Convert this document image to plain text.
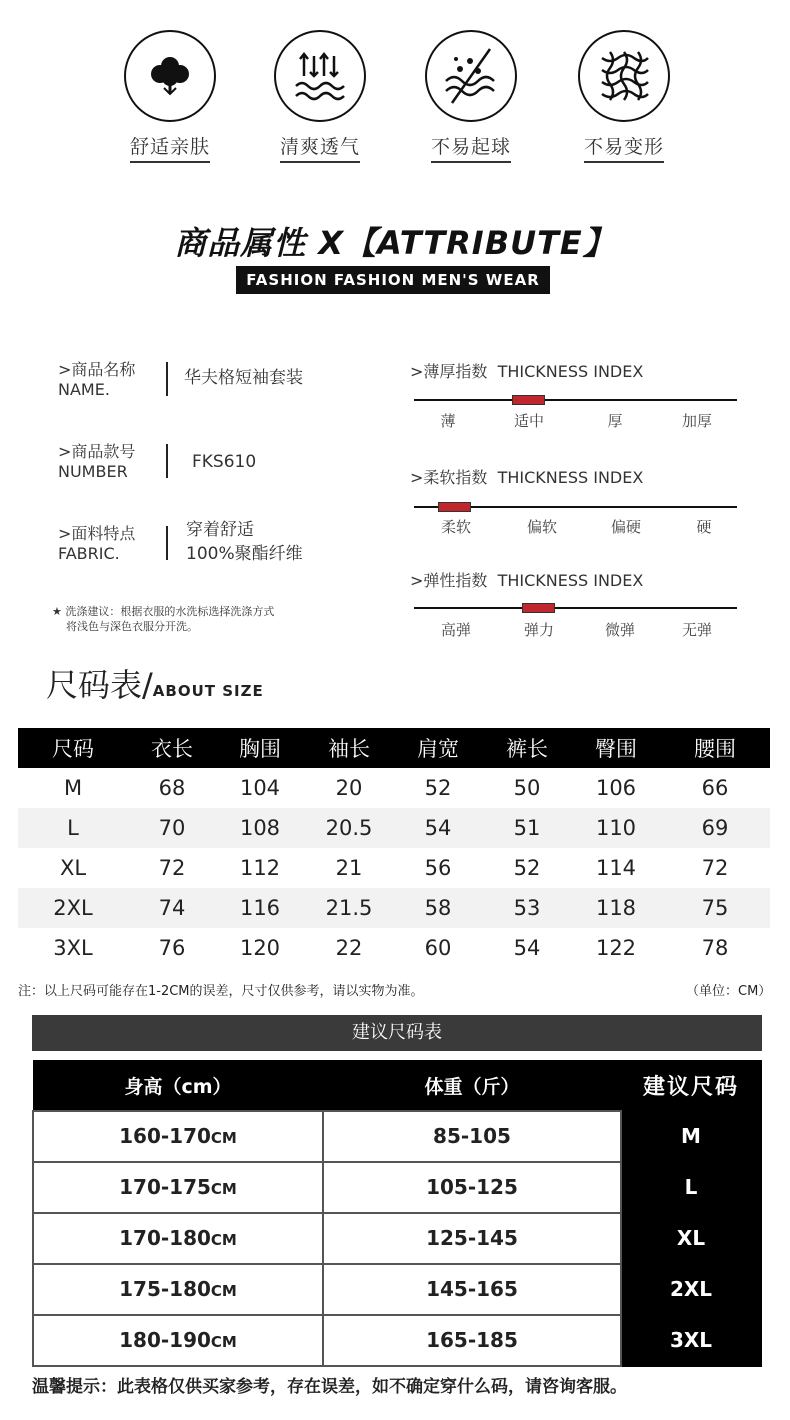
舒适亲肤	清爽透气	不易起球	不易变形
商品属性 X【ATTRIBUTE】
FASHION FASHION MEN'S WEAR
>商品名称
NAME.
华夫格短袖套装
>商品款号
NUMBER	FKS610
>面料特点
FABRIC.
穿着舒适
100%聚酯纤维
★ 洗涤建议：根据衣服的水洗标选择洗涤方式
将浅色与深色衣服分开洗。
>薄厚指数  THICKNESS INDEX
薄	适中	厚	加厚
>柔软指数  THICKNESS INDEX
柔软	偏软	偏硬	硬
>弹性指数  THICKNESS INDEX
高弹	弹力	微弹	无弹
尺码表/ABOUT SIZE
尺码	衣长	胸围	袖长	肩宽	裤长	臀围	腰围
M	68	104	20	52	50	106	66
L	70	108	20.5	54	51	110	69
XL	72	112	21	56	52	114	72
2XL	74	116	21.5	58	53	118	75
3XL	76	120	22	60	54	122	78
注：以上尺码可能存在1-2CM的误差，尺寸仅供参考，请以实物为准。	（单位：CM）
建议尺码表
身高（cm）	体重（斤）	建议尺码
160-170CM	85-105	M
170-175CM	105-125	L
170-180CM	125-145	XL
175-180CM	145-165	2XL
180-190CM	165-185	3XL
温馨提示：此表格仅供买家参考，存在误差，如不确定穿什么码，请咨询客服。
